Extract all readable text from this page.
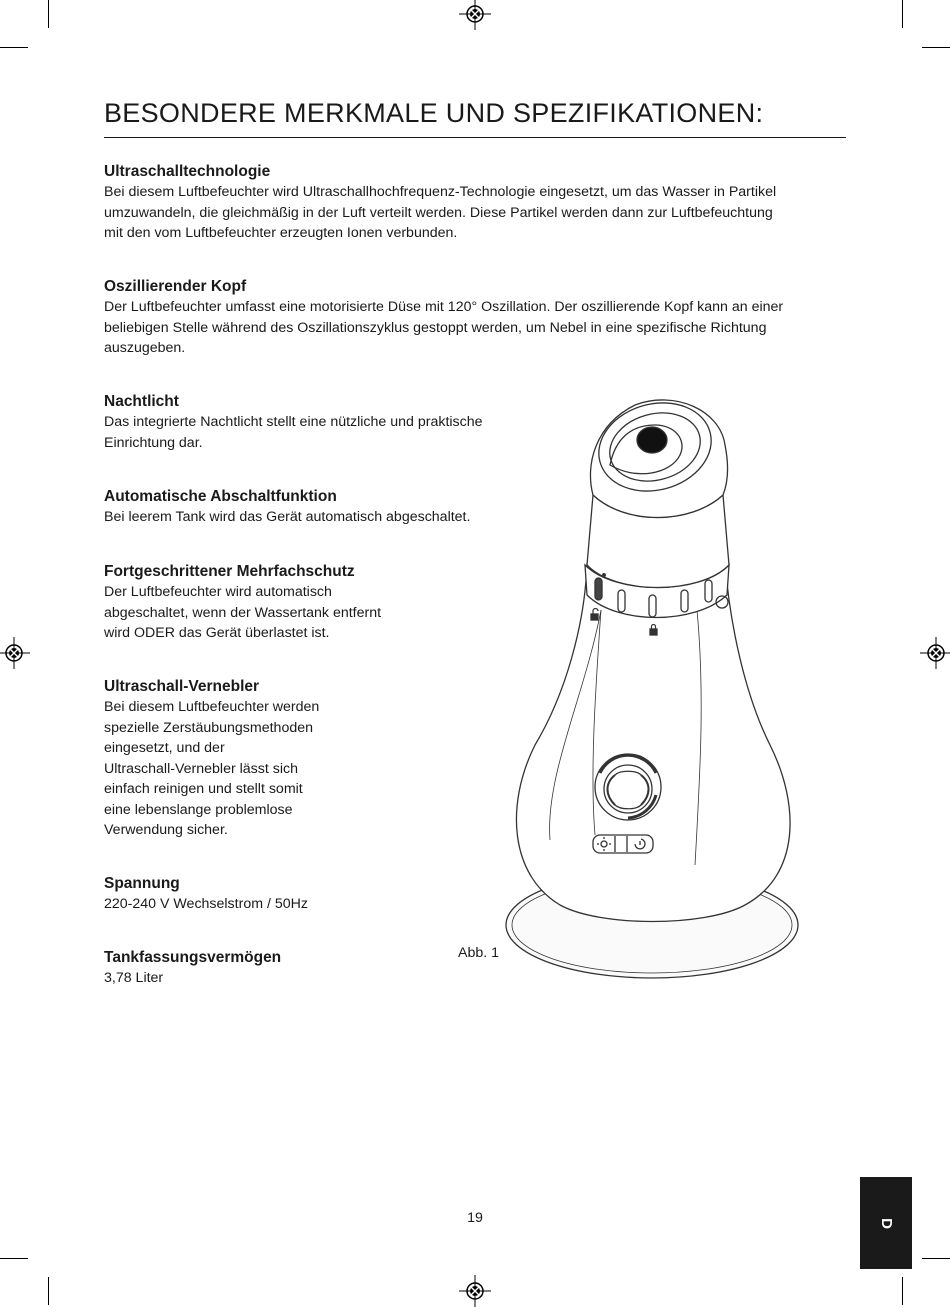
BESONDERE MERKMALE UND SPEZIFIKATIONEN:
Ultraschalltechnologie

Bei diesem Luftbefeuchter wird Ultraschallhochfrequenz-Technologie eingesetzt, um das Wasser in Partikel
umzuwandeln, die gleichmäßig in der Luft verteilt werden. Diese Partikel werden dann zur Luftbefeuchtung
mit den vom Luftbefeuchter erzeugten Ionen verbunden.

Oszillierender Kopf

Der Luftbefeuchter umfasst eine motorisierte Düse mit 120° Oszillation. Der oszillierende Kopf kann an einer
beliebigen Stelle während des Oszillationszyklus gestoppt werden, um Nebel in eine spezifische Richtung
auszugeben.

Nachtlicht

Das integrierte Nachtlicht stellt eine nützliche und praktische
Einrichtung dar.

Automatische Abschaltfunktion

Bei leerem Tank wird das Gerät automatisch abgeschaltet.

Fortgeschrittener Mehrfachschutz

Der Luftbefeuchter wird automatisch
abgeschaltet, wenn der Wassertank entfernt
wird ODER das Gerät überlastet ist.

Ultraschall-Vernebler

Bei diesem Luftbefeuchter werden
spezielle Zerstäubungsmethoden
eingesetzt, und der
Ultraschall-Vernebler lässt sich
einfach reinigen und stellt somit
eine lebenslange problemlose
Verwendung sicher.

Spannung

220-240 V Wechselstrom / 50Hz

Tankfassungsvermögen

3,78 Liter

Abb. 1
19	D
